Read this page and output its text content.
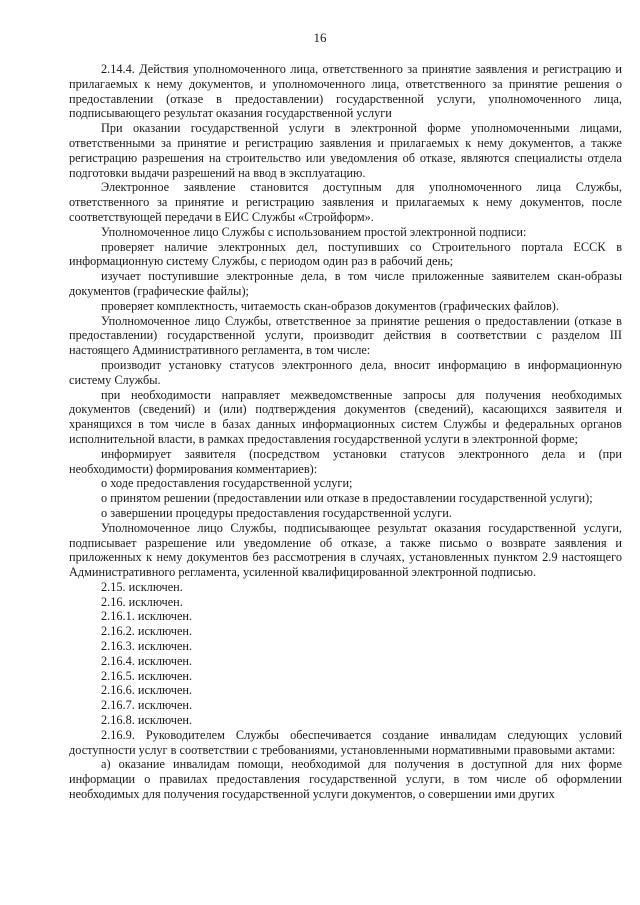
16

2.14.4. Действия уполномоченного лица, ответственного за принятие заявления и регистрацию и прилагаемых к нему документов, и уполномоченного лица, ответственного за принятие решения о предоставлении (отказе в предоставлении) государственной услуги, уполномоченного лица, подписывающего результат оказания государственной услуги

При оказании государственной услуги в электронной форме уполномоченными лицами, ответственными за принятие и регистрацию заявления и прилагаемых к нему документов, а также регистрацию разрешения на строительство или уведомления об отказе, являются специалисты отдела подготовки выдачи разрешений на ввод в эксплуатацию.

Электронное заявление становится доступным для уполномоченного лица Службы, ответственного за принятие и регистрацию заявления и прилагаемых к нему документов, после соответствующей передачи в ЕИС Службы «Стройформ».

Уполномоченное лицо Службы с использованием простой электронной подписи:

проверяет наличие электронных дел, поступивших со Строительного портала ЕССК в информационную систему Службы, с периодом один раз в рабочий день;

изучает поступившие электронные дела, в том числе приложенные заявителем скан-образы документов (графические файлы);

проверяет комплектность, читаемость скан-образов документов (графических файлов).

Уполномоченное лицо Службы, ответственное за принятие решения о предоставлении (отказе в предоставлении) государственной услуги, производит действия в соответствии с разделом III настоящего Административного регламента, в том числе:

производит установку статусов электронного дела, вносит информацию в информационную систему Службы.

при необходимости направляет межведомственные запросы для получения необходимых документов (сведений) и (или) подтверждения документов (сведений), касающихся заявителя и хранящихся в том числе в базах данных информационных систем Службы и федеральных органов исполнительной власти, в рамках предоставления государственной услуги в электронной форме;

информирует заявителя (посредством установки статусов электронного дела и (при необходимости) формирования комментариев):

о ходе предоставления государственной услуги;

о принятом решении (предоставлении или отказе в предоставлении государственной услуги);

о завершении процедуры предоставления государственной услуги.

Уполномоченное лицо Службы, подписывающее результат оказания государственной услуги, подписывает разрешение или уведомление об отказе, а также письмо о возврате заявления и приложенных к нему документов без рассмотрения в случаях, установленных пунктом 2.9 настоящего Административного регламента, усиленной квалифицированной электронной подписью.

2.15. исключен.

2.16. исключен.

2.16.1. исключен.

2.16.2. исключен.

2.16.3. исключен.

2.16.4. исключен.

2.16.5. исключен.

2.16.6. исключен.

2.16.7. исключен.

2.16.8. исключен.

2.16.9. Руководителем Службы обеспечивается создание инвалидам следующих условий доступности услуг в соответствии с требованиями, установленными нормативными правовыми актами:

а) оказание инвалидам помощи, необходимой для получения в доступной для них форме информации о правилах предоставления государственной услуги, в том числе об оформлении необходимых для получения государственной услуги документов, о совершении ими других
